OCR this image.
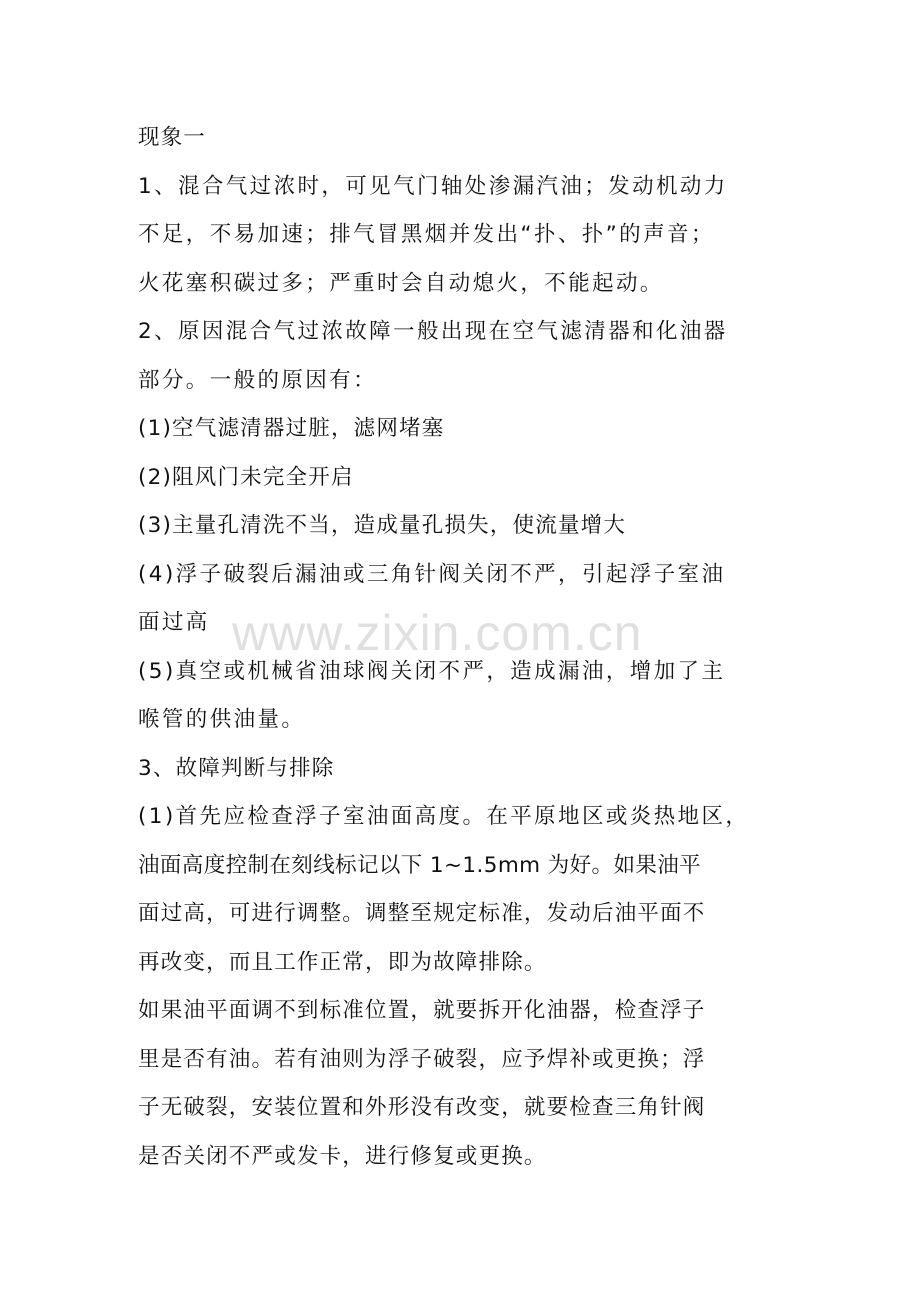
现象一
1、混合气过浓时，可见气门轴处渗漏汽油；发动机动力
不足，不易加速；排气冒黑烟并发出“扑、扑”的声音；
火花塞积碳过多；严重时会自动熄火，不能起动。
2、原因混合气过浓故障一般出现在空气滤清器和化油器
部分。一般的原因有：
(1)空气滤清器过脏，滤网堵塞
(2)阻风门未完全开启
(3)主量孔清洗不当，造成量孔损失，使流量增大
(4)浮子破裂后漏油或三角针阀关闭不严，引起浮子室油
面过高
(5)真空或机械省油球阀关闭不严，造成漏油，增加了主
喉管的供油量。
3、故障判断与排除
(1)首先应检查浮子室油面高度。在平原地区或炎热地区，
油面高度控制在刻线标记以下 1~1.5mm 为好。如果油平
面过高，可进行调整。调整至规定标准，发动后油平面不
再改变，而且工作正常，即为故障排除。
如果油平面调不到标准位置，就要拆开化油器，检查浮子
里是否有油。若有油则为浮子破裂，应予焊补或更换；浮
子无破裂，安装位置和外形没有改变，就要检查三角针阀
是否关闭不严或发卡，进行修复或更换。
www.zixin.com.cn
